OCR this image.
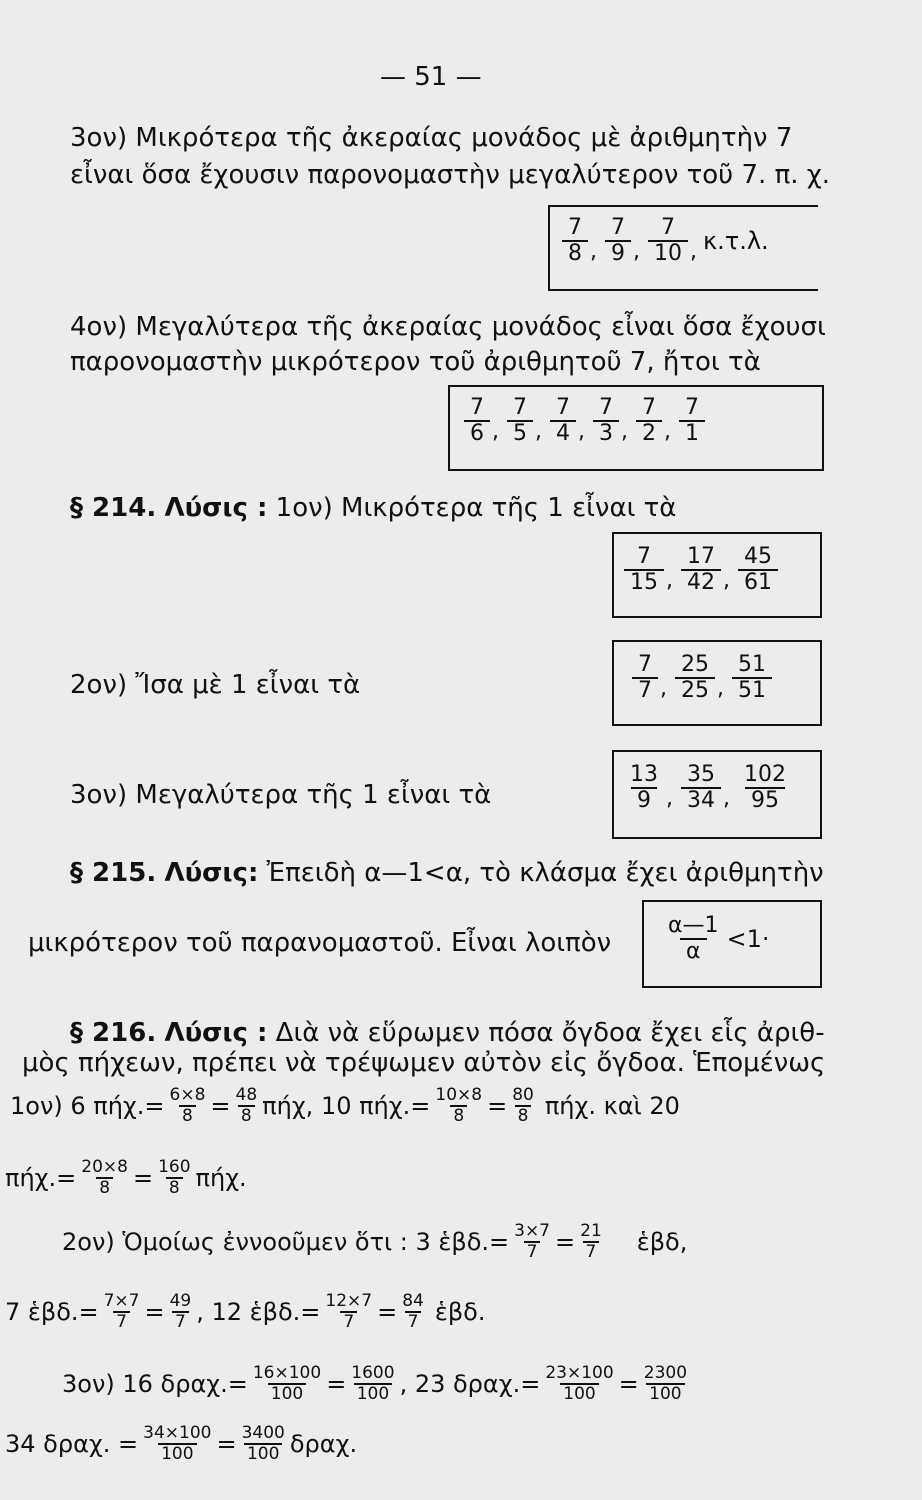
— 51 —
3ον) Μικρότερα τῆς ἀκεραίας μονάδος μὲ ἀριθμητὴν 7
εἶναι ὅσα ἔχουσιν παρονομαστὴν μεγαλύτερον τοῦ 7. π. χ.
$\frac{7}{8}$ , $\frac{7}{9}$ , $\frac{7}{10}$ , κ.τ.λ.
4ον) Μεγαλύτερα τῆς ἀκεραίας μονάδος εἶναι ὅσα ἔχουσι
παρονομαστὴν μικρότερον τοῦ ἀριθμητοῦ 7, ἤτοι τὰ
$\frac{7}{6}$ , $\frac{7}{5}$ , $\frac{7}{4}$ , $\frac{7}{3}$ , $\frac{7}{2}$ , $\frac{7}{1}$
§ 214. Λύσις : 1ον) Μικρότερα τῆς 1 εἶναι τὰ
$\frac{7}{15}$ , $\frac{17}{42}$ , $\frac{45}{61}$
2ον) Ἴσα μὲ 1 εἶναι τὰ	$\frac{7}{7}$ , $\frac{25}{25}$ , $\frac{51}{51}$
3ον) Μεγαλύτερα τῆς 1 εἶναι τὰ	$\frac{13}{9}$ , $\frac{35}{34}$ , $\frac{102}{95}$
§ 215. Λύσις: Ἐπειδὴ α—1<α, τὸ κλάσμα ἔχει ἀριθμητὴν
μικρότερον τοῦ παρανομαστοῦ. Εἶναι λοιπὸν $\frac{\alpha—1}{\alpha} <1\cdot$
§ 216. Λύσις : Διὰ νὰ εὕρωμεν πόσα ὄγδοα ἔχει εἷς ἀριθ-
μὸς πήχεων, πρέπει νὰ τρέψωμεν αὐτὸν εἰς ὄγδοα. Ἑπομένως
1ον) 6 $\pi ή\chi.= \frac{6\times 8}{8} = \frac{48}{8} \pi ή\chi$, 10 $\pi ή\chi.= \frac{10\times 8}{8} = \frac{80}{8} \pi ή\chi$. καὶ 20
$\pi ή\chi.= \frac{20\times 8}{8} = \frac{160}{8} \pi ή\chi$.
2ον) Ὁμοίως ἐννοοῦμεν ὅτι : 3 ἑβδ.= $\frac{3\times 7}{7} = \frac{21}{7}$ ἑβδ,
7 ἑβδ.= $\frac{7\times 7}{7} = \frac{49}{7}$ , 12 ἑβδ.= $\frac{12\times 7}{7} = \frac{84}{7}$ ἑβδ.
3ον) 16 $\delta\rho\alpha\chi.= \frac{16\times 100}{100} = \frac{1600}{100}$ , 23 $\delta\rho\alpha\chi.= \frac{23\times 100}{100} = \frac{2300}{100}$
34 δραχ. = $\frac{34\times 100}{100} = \frac{3400}{100} \delta\rho\alpha\chi$.
